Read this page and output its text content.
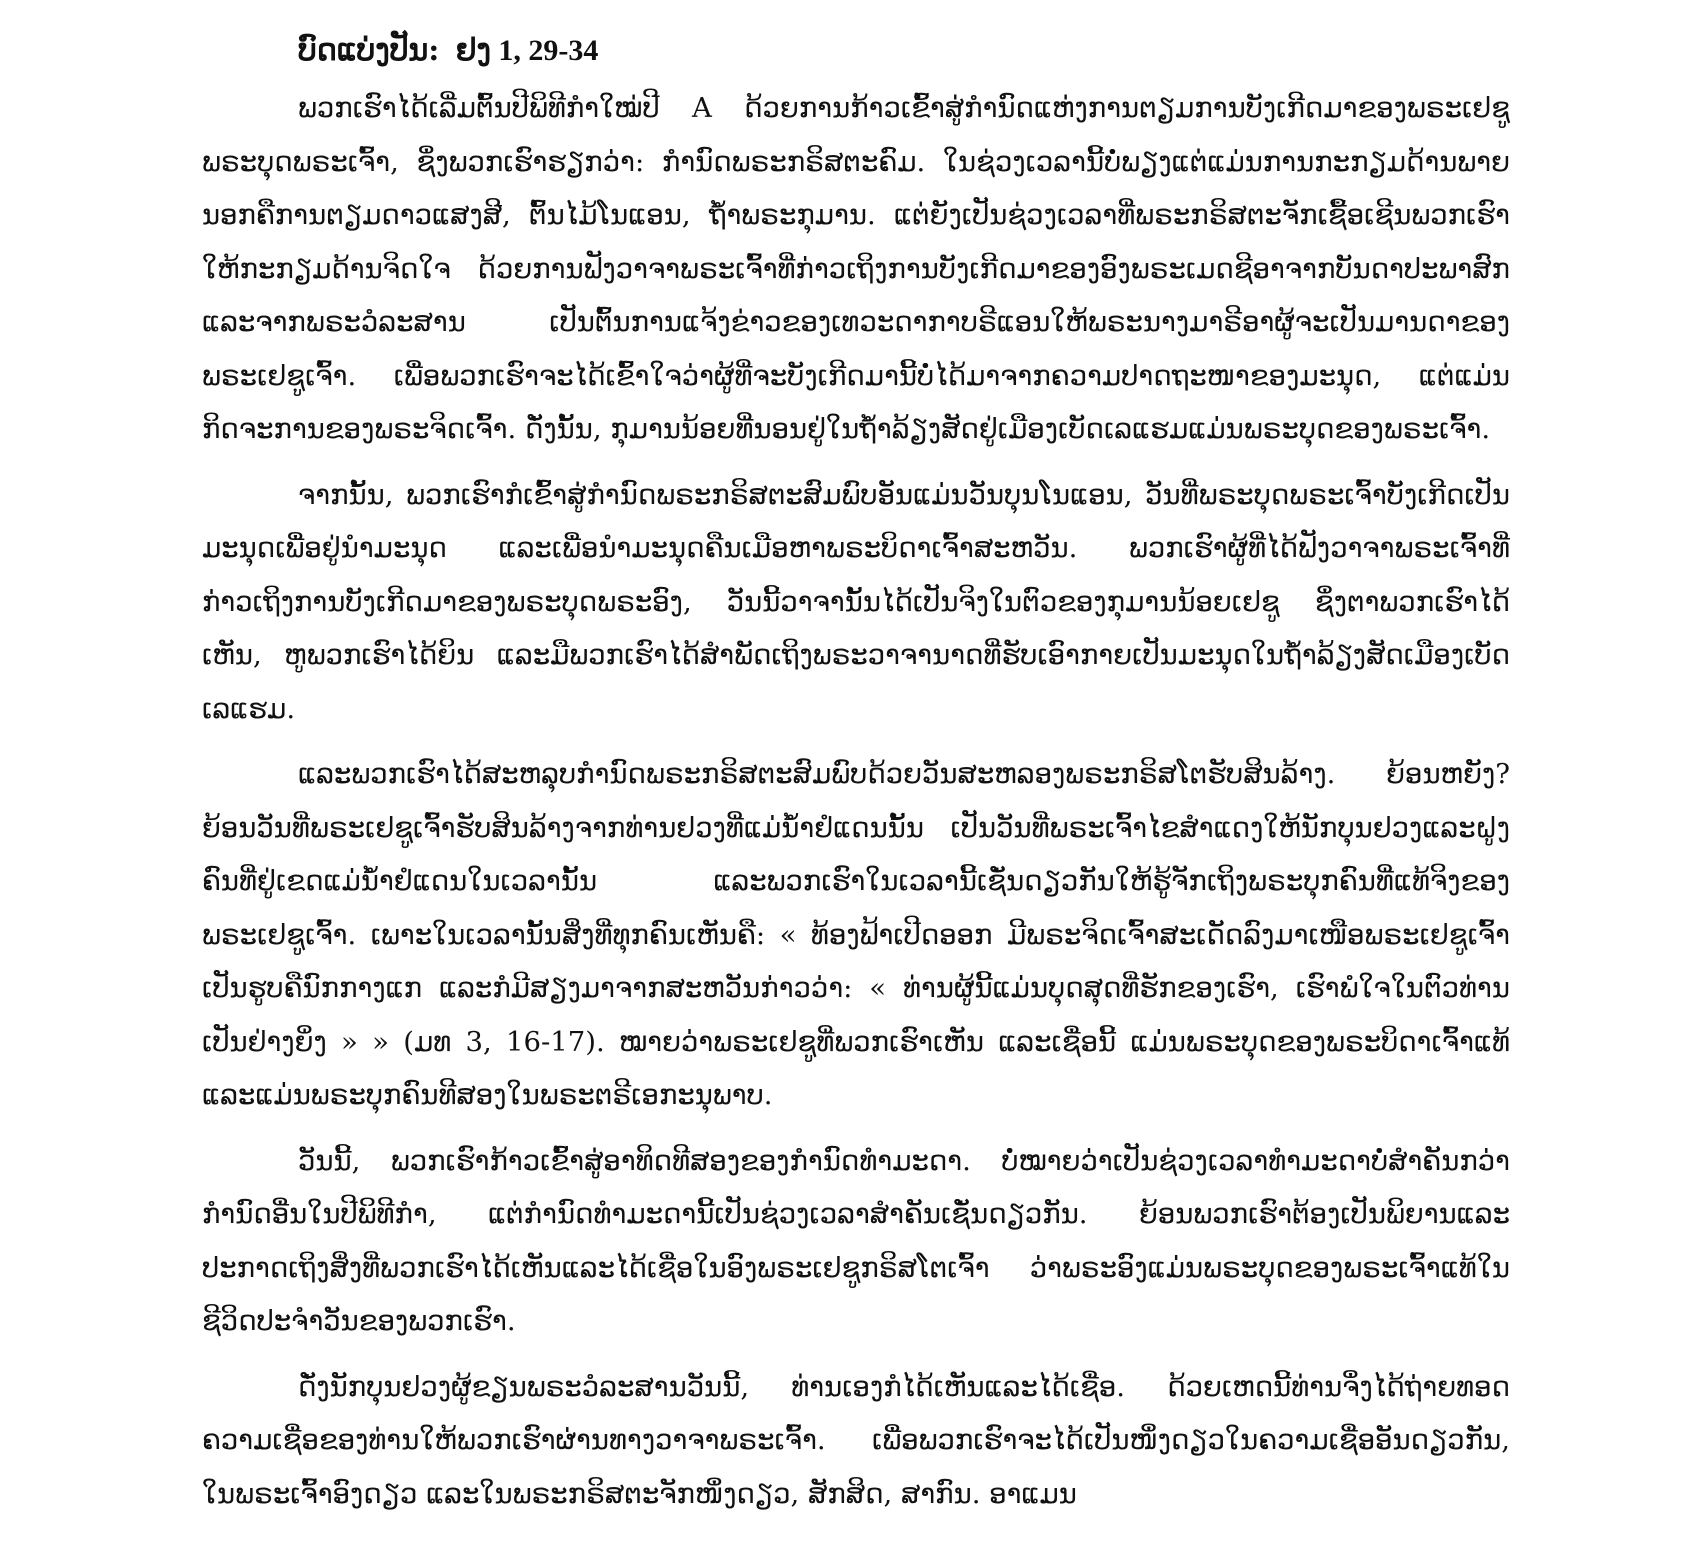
ບົດແບ່ງປັນ: ຢງ 1, 29-34

ພວກເຮົາໄດ້ເລີ່ມຕົ້ນປີພິທີກຳໃໝ່ປີ A ດ້ວຍການກ້າວເຂົ້າສູ່ກຳນົດແຫ່ງການຕຽມການບັງເກີດມາຂອງພຣະເຢຊູພຣະບຸດພຣະເຈົ້າ, ຊຶ່ງພວກເຮົາຮຽກວ່າ: ກຳນົດພຣະກຣິສຕະຄົມ. ໃນຊ່ວງເວລານີ້ບໍ່ພຽງແຕ່ແມ່ນການກະກຽມດ້ານພາຍນອກຄືການຕຽມດາວແສງສີ, ຕົ້ນໄມ້ໂນແອນ, ຖ້ຳພຣະກຸມານ. ແຕ່ຍັງເປັນຊ່ວງເວລາທີ່ພຣະກຣິສຕະຈັກເຊື້ອເຊີນພວກເຮົາໃຫ້ກະກຽມດ້ານຈິດໃຈ ດ້ວຍການຟັງວາຈາພຣະເຈົ້າທີ່ກ່າວເຖິງການບັງເກີດມາຂອງອົງພຣະເມດຊີອາຈາກບັນດາປະພາສົກ ແລະຈາກພຣະວໍລະສານ ເປັນຕົ້ນການແຈ້ງຂ່າວຂອງເທວະດາກາບຣີແອນໃຫ້ພຣະນາງມາຣີອາຜູ້ຈະເປັນມານດາຂອງພຣະເຢຊູເຈົ້າ. ເພື່ອພວກເຮົາຈະໄດ້ເຂົ້າໃຈວ່າຜູ້ທີ່ຈະບັງເກີດມານີ້ບໍ່ໄດ້ມາຈາກຄວາມປາດຖະໜາຂອງມະນຸດ, ແຕ່ແມ່ນກິດຈະການຂອງພຣະຈິດເຈົ້າ. ດັ່ງນັ້ນ, ກຸມານນ້ອຍທີ່ນອນຢູ່ໃນຖ້ຳລ້ຽງສັດຢູ່ເມືອງເບັດເລແຮມແມ່ນພຣະບຸດຂອງພຣະເຈົ້າ.

ຈາກນັ້ນ, ພວກເຮົາກໍເຂົ້າສູ່ກຳນົດພຣະກຣິສຕະສົມພົບອັນແມ່ນວັນບຸນໂນແອນ, ວັນທີ່ພຣະບຸດພຣະເຈົ້າບັງເກີດເປັນມະນຸດເພື່ອຢູ່ນຳມະນຸດ ແລະເພື່ອນຳມະນຸດຄືນເມືອຫາພຣະບິດາເຈົ້າສະຫວັນ. ພວກເຮົາຜູ້ທີ່ໄດ້ຟັງວາຈາພຣະເຈົ້າທີ່ກ່າວເຖິງການບັງເກີດມາຂອງພຣະບຸດພຣະອົງ, ວັນນີ້ວາຈານັ້ນໄດ້ເປັນຈິງໃນຕົວຂອງກຸມານນ້ອຍເຢຊູ ຊຶ່ງຕາພວກເຮົາໄດ້ເຫັນ, ຫູພວກເຮົາໄດ້ຍິນ ແລະມືພວກເຮົາໄດ້ສຳພັດເຖິງພຣະວາຈານາດທີ່ຮັບເອົາກາຍເປັນມະນຸດໃນຖ້ຳລ້ຽງສັດເມືອງເບັດເລແຮມ.

ແລະພວກເຮົາໄດ້ສະຫລຸບກຳນົດພຣະກຣິສຕະສົມພົບດ້ວຍວັນສະຫລອງພຣະກຣິສໂຕຮັບສິນລ້າງ. ຍ້ອນຫຍັງ? ຍ້ອນວັນທີ່ພຣະເຢຊູເຈົ້າຮັບສິນລ້າງຈາກທ່ານຢວງທີ່ແມ່ນ້ຳຢໍແດນນັ້ນ ເປັນວັນທີ່ພຣະເຈົ້າໄຂສຳແດງໃຫ້ນັກບຸນຢວງແລະຝູງຄົນທີ່ຢູ່ເຂດແມ່ນ້ຳຢໍແດນໃນເວລານັ້ນ ແລະພວກເຮົາໃນເວລານີ້ເຊັ່ນດຽວກັນໃຫ້ຮູ້ຈັກເຖິງພຣະບຸກຄົນທີ່ແທ້ຈິງຂອງພຣະເຢຊູເຈົ້າ. ເພາະໃນເວລານັ້ນສິ່ງທີ່ທຸກຄົນເຫັນຄື: « ທ້ອງຟ້າເປີດອອກ ມີພຣະຈິດເຈົ້າສະເດັດລົງມາເໜືອພຣະເຢຊູເຈົ້າເປັນຮູບຄືນົກກາງແກ ແລະກໍມີສຽງມາຈາກສະຫວັນກ່າວວ່າ: « ທ່ານຜູ້ນີ້ແມ່ນບຸດສຸດທີ່ຮັກຂອງເຮົາ, ເຮົາພໍໃຈໃນຕົວທ່ານເປັນຢ່າງຍິ່ງ » » (ມທ 3, 16-17). ໝາຍວ່າພຣະເຢຊູທີ່ພວກເຮົາເຫັນ ແລະເຊື່ອນີ້ ແມ່ນພຣະບຸດຂອງພຣະບິດາເຈົ້າແທ້ແລະແມ່ນພຣະບຸກຄົນທີສອງໃນພຣະຕຣີເອກະນຸພາບ.

ວັນນີ້, ພວກເຮົາກ້າວເຂົ້າສູ່ອາທິດທີສອງຂອງກຳນົດທຳມະດາ. ບໍ່ໝາຍວ່າເປັນຊ່ວງເວລາທຳມະດາບໍ່ສຳຄັນກວ່າກຳນົດອື່ນໃນປີພິທີກຳ, ແຕ່ກຳນົດທຳມະດານີ້ເປັນຊ່ວງເວລາສຳຄັນເຊັ່ນດຽວກັນ. ຍ້ອນພວກເຮົາຕ້ອງເປັນພິຍານແລະປະກາດເຖິງສິ່ງທີ່ພວກເຮົາໄດ້ເຫັນແລະໄດ້ເຊື່ອໃນອົງພຣະເຢຊູກຣິສໂຕເຈົ້າ ວ່າພຣະອົງແມ່ນພຣະບຸດຂອງພຣະເຈົ້າແທ້ໃນຊີວິດປະຈຳວັນຂອງພວກເຮົາ.

ດັ່ງນັກບຸນຢວງຜູ້ຂຽນພຣະວໍລະສານວັນນີ້, ທ່ານເອງກໍໄດ້ເຫັນແລະໄດ້ເຊື່ອ. ດ້ວຍເຫດນີ້ທ່ານຈຶ່ງໄດ້ຖ່າຍທອດຄວາມເຊື່ອຂອງທ່ານໃຫ້ພວກເຮົາຜ່ານທາງວາຈາພຣະເຈົ້າ. ເພື່ອພວກເຮົາຈະໄດ້ເປັນໜຶ່ງດຽວໃນຄວາມເຊື່ອອັນດຽວກັນ, ໃນພຣະເຈົ້າອົງດຽວ ແລະໃນພຣະກຣິສຕະຈັກໜຶ່ງດຽວ, ສັກສິດ, ສາກົນ. ອາແມນ
